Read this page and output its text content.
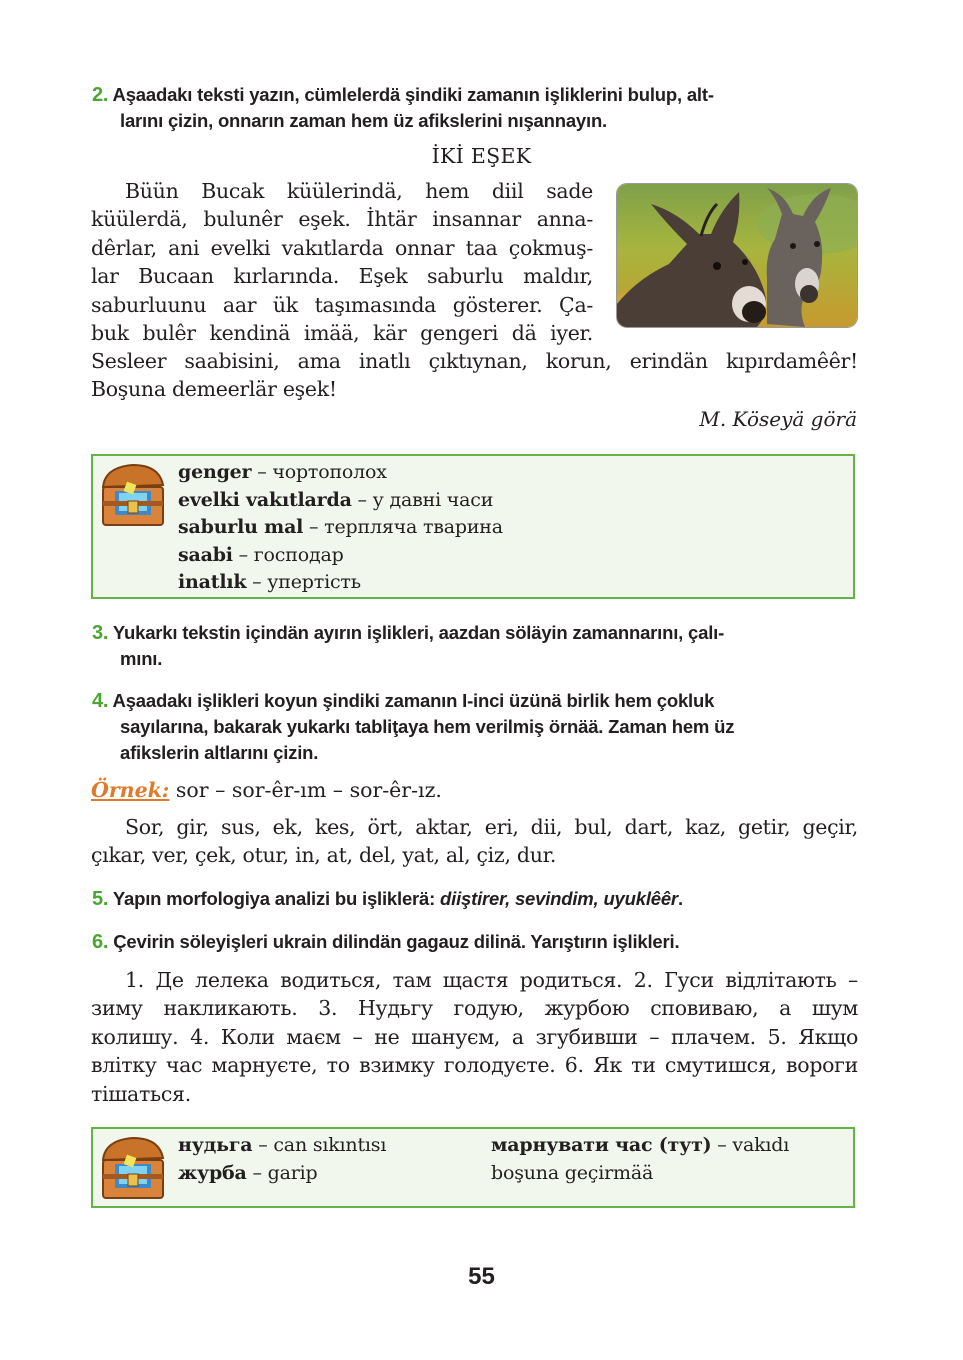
2. Aşaadakı teksti yazın, cümlelerdä şindiki zamanın işliklerini bulup, alt-
larını çizin, onnarın zaman hem üz afikslerini nışannayın.
İKİ EŞEK
Büün Bucak küülerindä, hem diil sade
küülerdä, bulunêr eşek. İhtär insannar anna-
dêrlar, ani evelki vakıtlarda onnar taa çokmuş-
lar Bucaan kırlarında. Eşek saburlu maldır,
saburluunu aar ük taşımasında gösterer. Ça-
buk bulêr kendinä imää, kär gengeri dä iyer.
Sesleer saabisini, ama inatlı çıktıynan, korun, erindän kıpırdamêêr!
Boşuna demeerlär eşek!
M. Köseyä görä
genger – чортополох
evelki vakıtlarda – у давні часи
saburlu mal – терпляча тварина
saabi – господар
inatlık – упертість
3. Yukarkı tekstin içindän ayırın işlikleri, aazdan söläyin zamannarını, çalı-
mını.
4. Aşaadakı işlikleri koyun şindiki zamanın I-inci üzünä birlik hem çokluk
sayılarına, bakarak yukarkı tabliţaya hem verilmiş örnää. Zaman hem üz
afikslerin altlarını çizin.
Örnek: sor – sor-êr-ım – sor-êr-ız.
Sor, gir, sus, ek, kes, ört, aktar, eri, dii, bul, dart, kaz, getir, geçir,
çıkar, ver, çek, otur, in, at, del, yat, al, çiz, dur.
5. Yapın morfologiya analizi bu işliklerä: diiştirer, sevindim, uyuklêêr.
6. Çevirin söleyişleri ukrain dilindän gagauz dilinä. Yarıştırın işlikleri.
1. Де лелека водиться, там щастя родиться. 2. Гуси відлітають –
зиму накликають. 3. Нудьгу годую, журбою сповиваю, а шум
колишу. 4. Коли маєм – не шануєм, а згубивши – плачем. 5. Якщо
влітку час марнуєте, то взимку голодуєте. 6. Як ти смутишся, вороги
тішаться.
нудьга – can sıkıntısı
журба – garip
марнувати час (тут) – vakıdı
boşuna geçirmää
55
